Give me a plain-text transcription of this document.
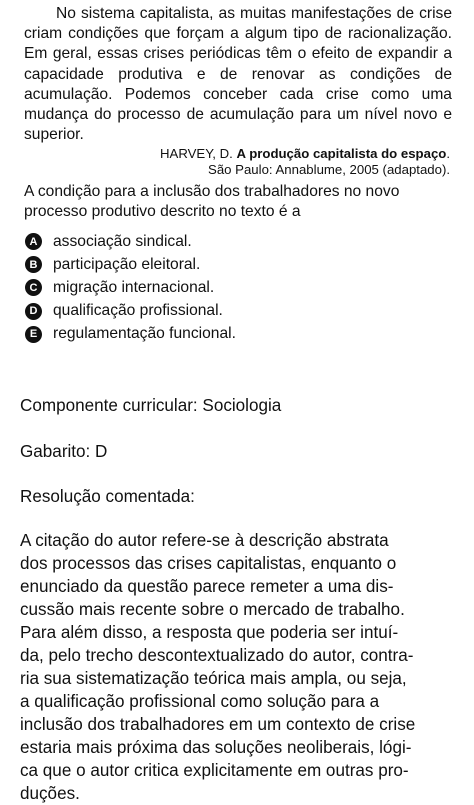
No sistema capitalista, as muitas manifestações de crise criam condições que forçam a algum tipo de racionalização. Em geral, essas crises periódicas têm o efeito de expandir a capacidade produtiva e de renovar as condições de acumulação. Podemos conceber cada crise como uma mudança do processo de acumulação para um nível novo e superior.

HARVEY, D. A produção capitalista do espaço.
São Paulo: Annablume, 2005 (adaptado).

A condição para a inclusão dos trabalhadores no novo processo produtivo descrito no texto é a

A associação sindical.
B participação eleitoral.
C migração internacional.
D qualificação profissional.
E	regulamentação funcional.

Componente curricular: Sociologia

Gabarito: D

Resolução comentada:

A citação do autor refere-se à descrição abstrata
dos processos das crises capitalistas, enquanto o
enunciado da questão parece remeter a uma dis-
cussão mais recente sobre o mercado de trabalho.
Para além disso, a resposta que poderia ser intuí-
da, pelo trecho descontextualizado do autor, contra-
ria sua sistematização teórica mais ampla, ou seja,
a qualificação profissional como solução para a
inclusão dos trabalhadores em um contexto de crise
estaria mais próxima das soluções neoliberais, lógi-
ca que o autor critica explicitamente em outras pro-
duções.
